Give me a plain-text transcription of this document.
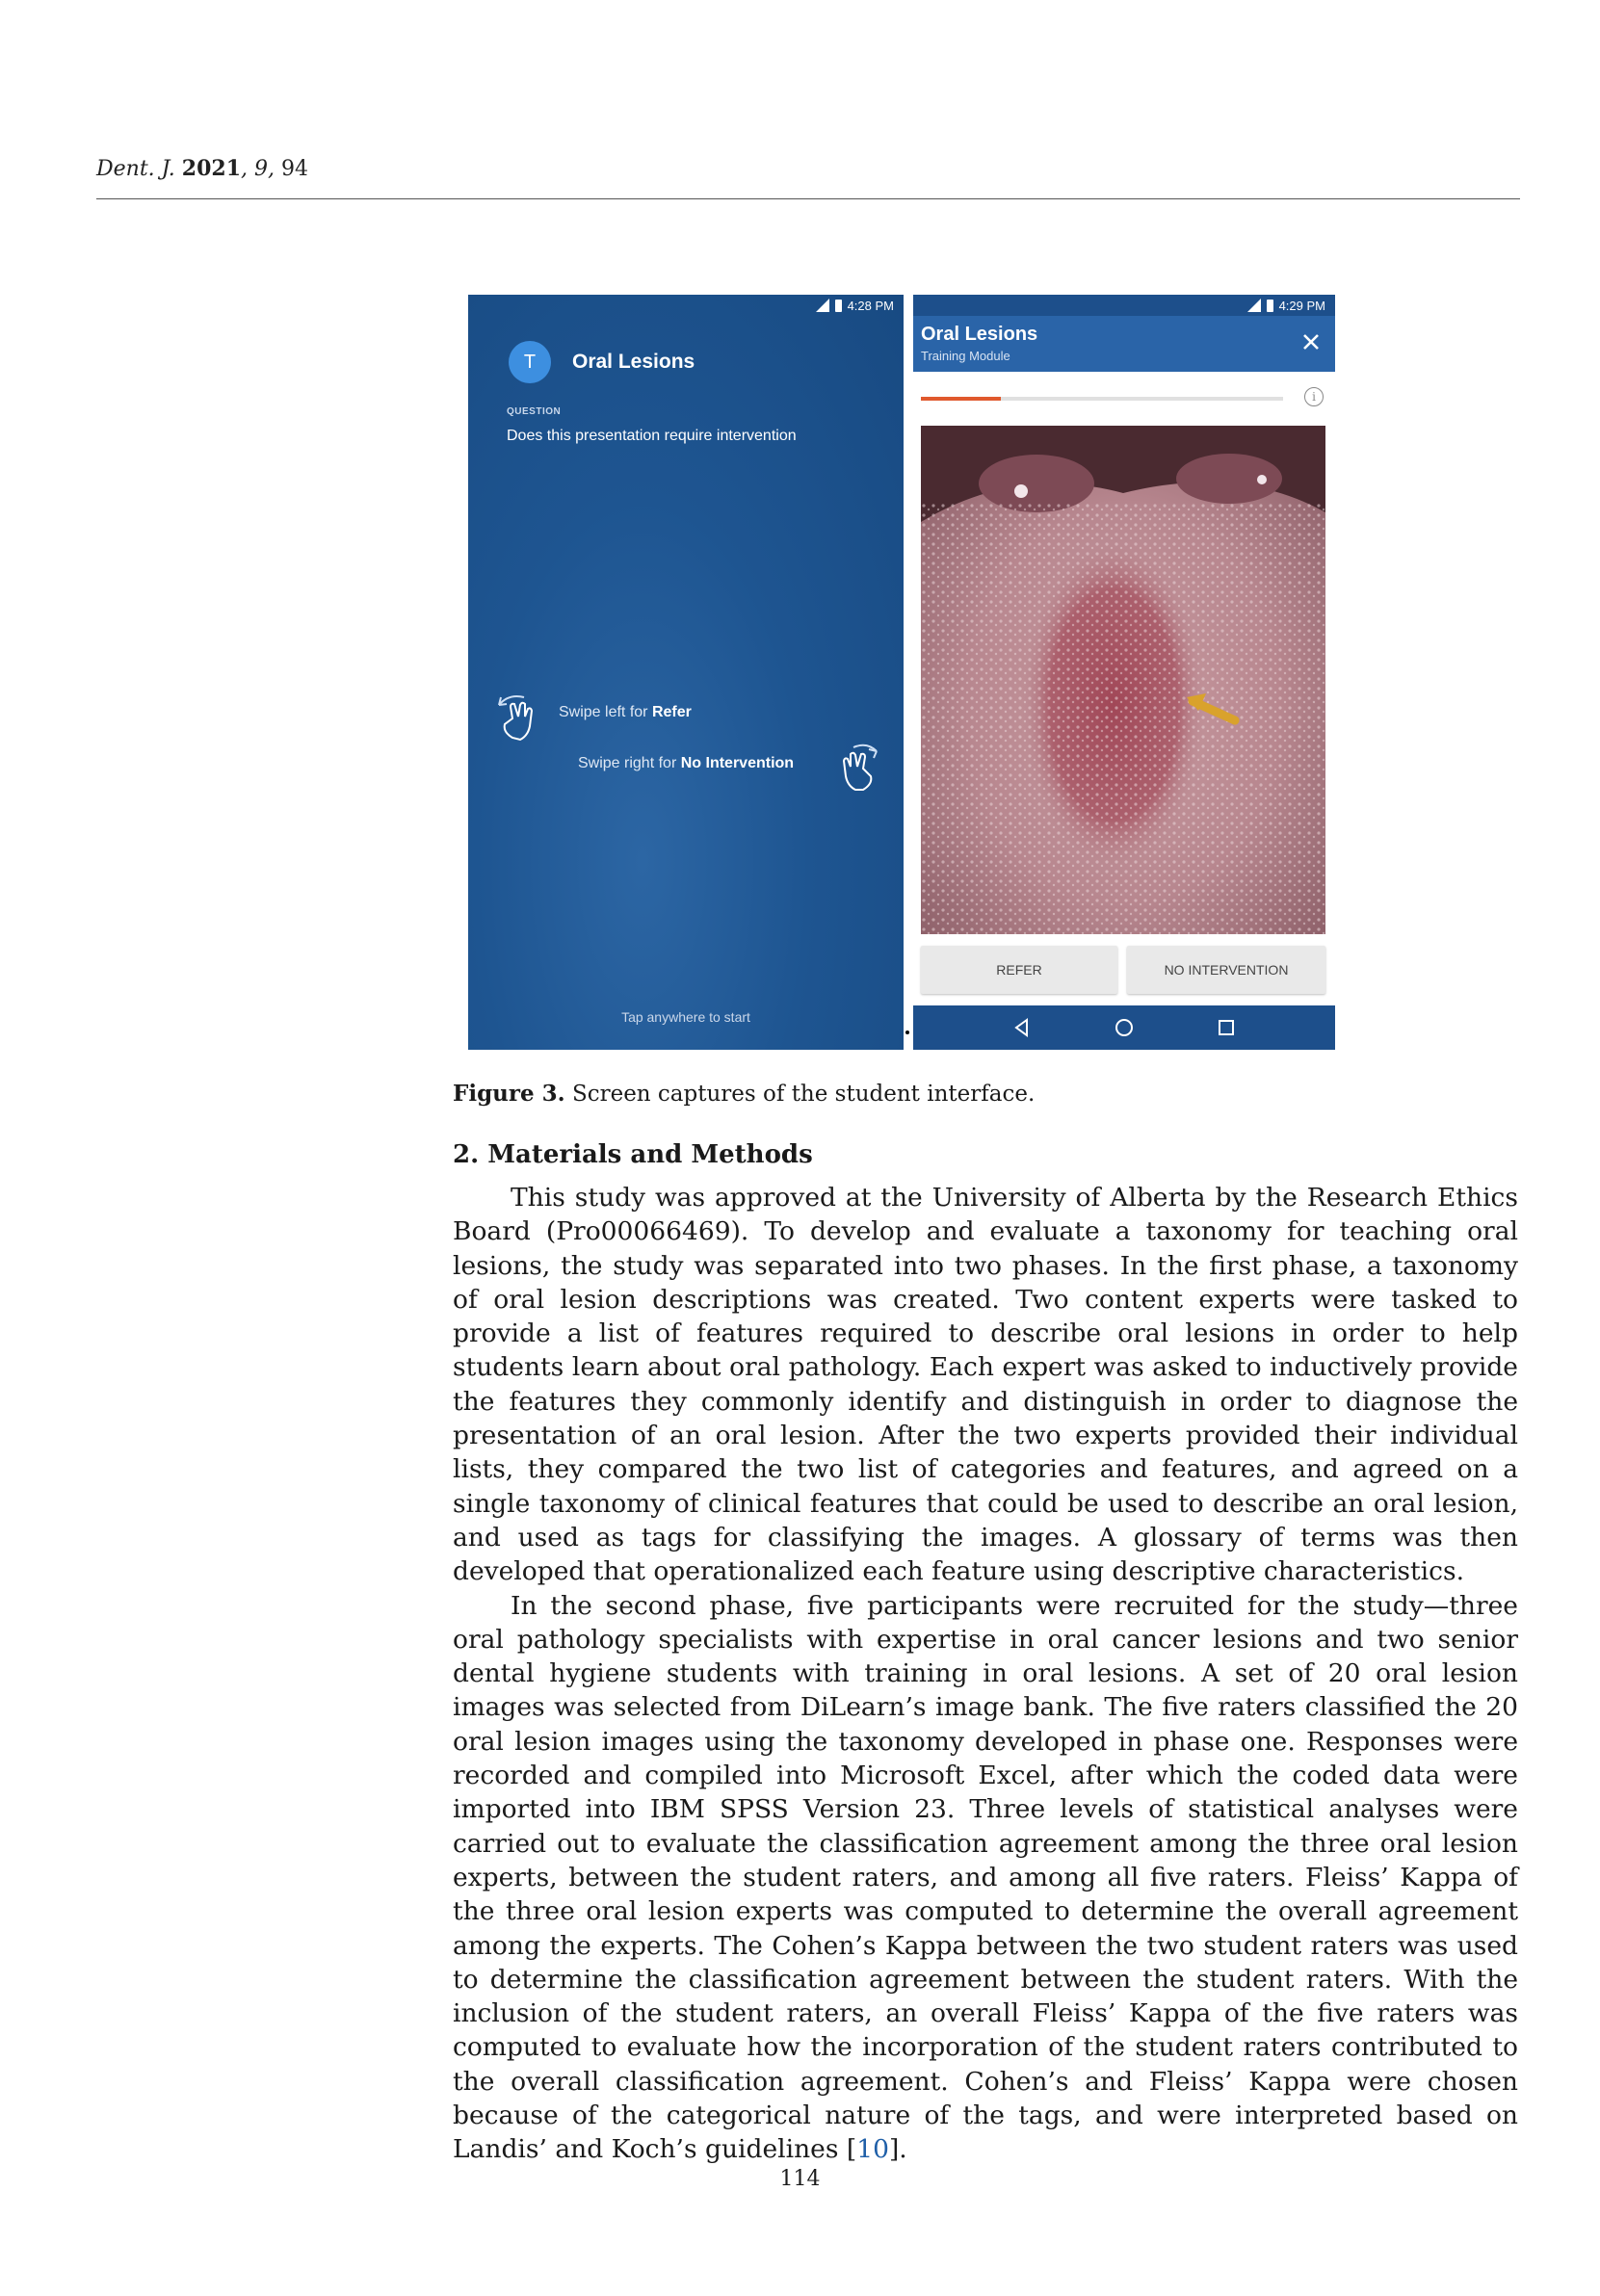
Dent. J. 2021, 9, 94
4:28 PM
T	Oral Lesions
QUESTION
Does this presentation require intervention
Swipe left for Refer
Swipe right for No Intervention
Tap anywhere to start
4:29 PM
Oral Lesions
Training Module
i
REFER	NO INTERVENTION
Figure 3. Screen captures of the student interface.
2. Materials and Methods

This study was approved at the University of Alberta by the Research Ethics Board (Pro00066469). To develop and evaluate a taxonomy for teaching oral lesions, the study was separated into two phases. In the first phase, a taxonomy of oral lesion descriptions was created. Two content experts were tasked to provide a list of features required to describe oral lesions in order to help students learn about oral pathology. Each expert was asked to inductively provide the features they commonly identify and distinguish in order to diagnose the presentation of an oral lesion. After the two experts provided their individual lists, they compared the two list of categories and features, and agreed on a single taxonomy of clinical features that could be used to describe an oral lesion, and used as tags for classifying the images. A glossary of terms was then developed that operationalized each feature using descriptive characteristics.

In the second phase, five participants were recruited for the study—three oral pathology specialists with expertise in oral cancer lesions and two senior dental hygiene students with training in oral lesions. A set of 20 oral lesion images was selected from DiLearn’s image bank. The five raters classified the 20 oral lesion images using the taxonomy developed in phase one. Responses were recorded and compiled into Microsoft Excel, after which the coded data were imported into IBM SPSS Version 23. Three levels of statistical analyses were carried out to evaluate the classification agreement among the three oral lesion experts, between the student raters, and among all five raters. Fleiss’ Kappa of the three oral lesion experts was computed to determine the overall agreement among the experts. The Cohen’s Kappa between the two student raters was used to determine the classification agreement between the student raters. With the inclusion of the student raters, an overall Fleiss’ Kappa of the five raters was computed to evaluate how the incorporation of the student raters contributed to the overall classification agreement. Cohen’s and Fleiss’ Kappa were chosen because of the categorical nature of the tags, and were interpreted based on Landis’ and Koch’s guidelines [10].

114
